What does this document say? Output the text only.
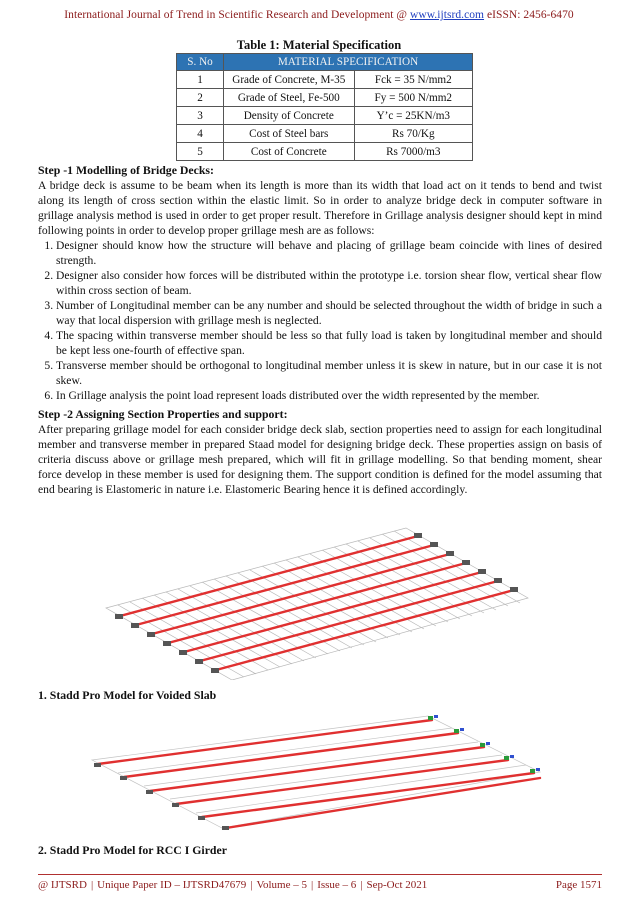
International Journal of Trend in Scientific Research and Development @ www.ijtsrd.com eISSN: 2456-6470
Table 1: Material Specification
S. No	MATERIAL SPECIFICATION	
1	Grade of Concrete, M-35	Fck = 35 N/mm2
2	Grade of Steel, Fe-500	Fy = 500 N/mm2
3	Density of Concrete	Υ’c = 25KN/m3
4	Cost of Steel bars	Rs 70/Kg
5	Cost of Concrete	Rs 7000/m3
Step -1 Modelling of Bridge Decks:

A bridge deck is assume to be beam when its length is more than its width that load act on it tends to bend and twist along its length of cross section within the elastic limit. So in order to analyze bridge deck in computer software in grillage analysis method is used in order to get proper result. Therefore in Grillage analysis designer should kept in mind following points in order to develop proper grillage mesh are as follows:

1. Designer should know how the structure will behave and placing of grillage beam coincide with lines of desired strength.
2. Designer also consider how forces will be distributed within the prototype i.e. torsion shear flow, vertical shear flow within cross section of beam.
3. Number of Longitudinal member can be any number and should be selected throughout the width of bridge in such a way that local dispersion with grillage mesh is neglected.
4. The spacing within transverse member should be less so that fully load is taken by longitudinal member and should be kept less one-fourth of effective span.
5. Transverse member should be orthogonal to longitudinal member unless it is skew in nature, but in our case it is not skew.
6. In Grillage analysis the point load represent loads distributed over the width represented by the member.
Step -2 Assigning Section Properties and support:

After preparing grillage model for each consider bridge deck slab, section properties need to assign for each longitudinal member and transverse member in prepared Staad model for designing bridge deck. These properties assign on basis of criteria discuss above or grillage mesh prepared, which will fit in grillage modelling. So that bending moment, shear force develop in these member is used for designing them. The support condition is defined for the model assuming that end bearing is Elastomeric in nature i.e. Elastomeric Bearing hence it is defined accordingly.

1. Stadd Pro Model for Voided Slab
2. Stadd Pro Model for RCC I Girder
@ IJTSRD | Unique Paper ID – IJTSRD47679 | Volume – 5 | Issue – 6 | Sep-Oct 2021	Page 1571
